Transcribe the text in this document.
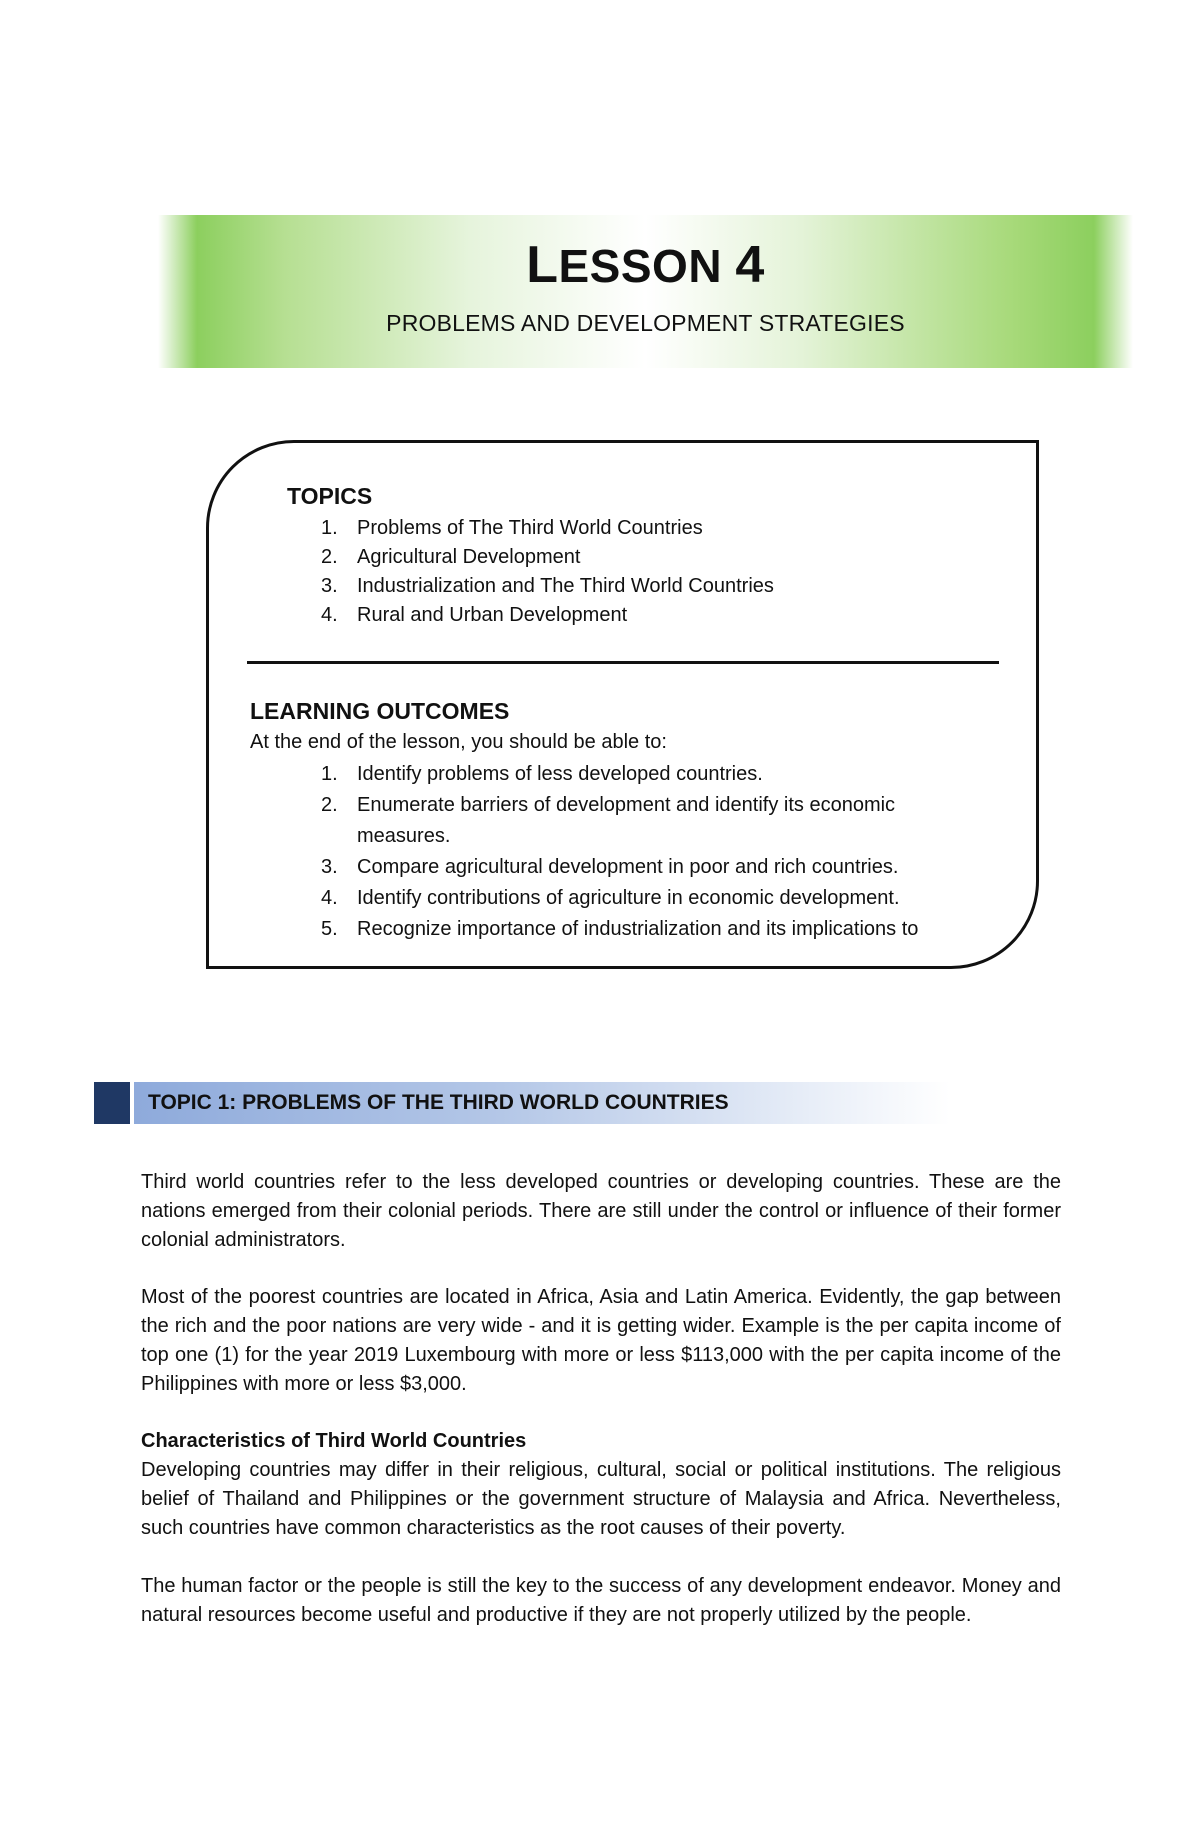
LESSON 4
PROBLEMS AND DEVELOPMENT STRATEGIES
TOPICS
1. Problems of The Third World Countries
2. Agricultural Development
3. Industrialization and The Third World Countries
4. Rural and Urban Development
LEARNING OUTCOMES
At the end of the lesson, you should be able to:
1. Identify problems of less developed countries.
2. Enumerate barriers of development and identify its economic measures.
3. Compare agricultural development in poor and rich countries.
4. Identify contributions of agriculture in economic development.
5. Recognize importance of industrialization and its implications to
TOPIC 1: PROBLEMS OF THE THIRD WORLD COUNTRIES

Third world countries refer to the less developed countries or developing countries. These are the nations emerged from their colonial periods. There are still under the control or influence of their former colonial administrators.

Most of the poorest countries are located in Africa, Asia and Latin America. Evidently, the gap between the rich and the poor nations are very wide - and it is getting wider. Example is the per capita income of top one (1) for the year 2019 Luxembourg with more or less $113,000 with the per capita income of the Philippines with more or less $3,000.

Characteristics of Third World Countries
Developing countries may differ in their religious, cultural, social or political institutions. The religious belief of Thailand and Philippines or the government structure of Malaysia and Africa. Nevertheless, such countries have common characteristics as the root causes of their poverty.

The human factor or the people is still the key to the success of any development endeavor. Money and natural resources become useful and productive if they are not properly utilized by the people.
